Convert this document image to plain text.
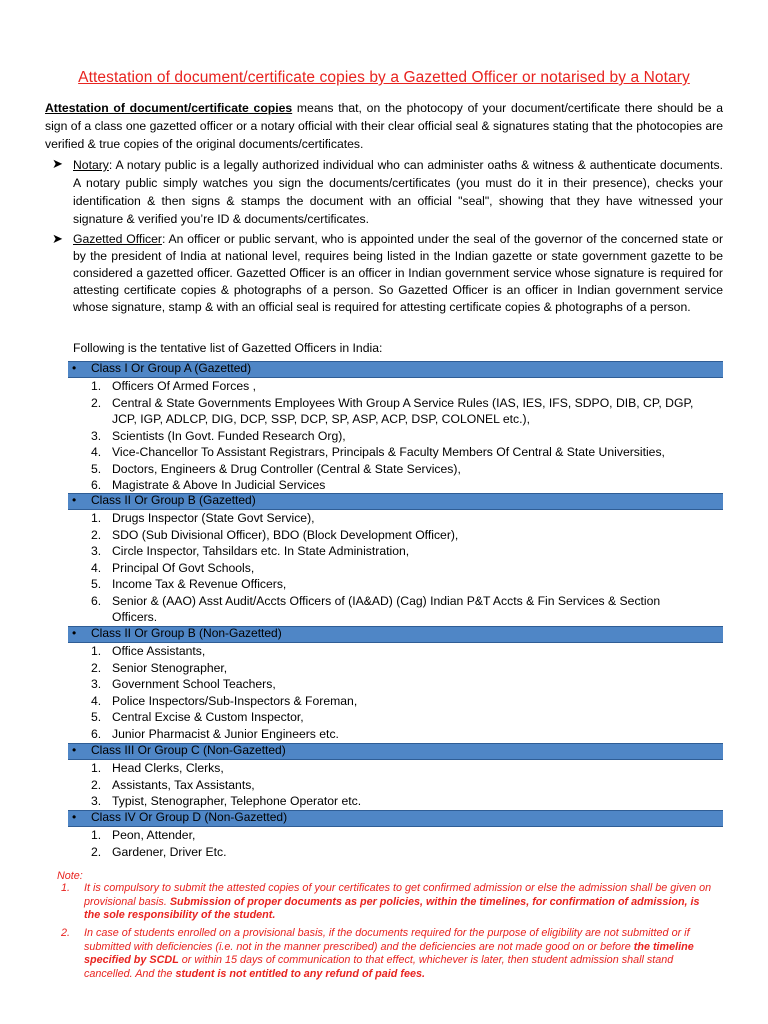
Attestation of document/certificate copies by a Gazetted Officer or notarised by a Notary
Attestation of document/certificate copies means that, on the photocopy of your document/certificate there should be a sign of a class one gazetted officer or a notary official with their clear official seal & signatures stating that the photocopies are verified & true copies of the original documents/certificates.
➤ Notary: A notary public is a legally authorized individual who can administer oaths & witness & authenticate documents. A notary public simply watches you sign the documents/certificates (you must do it in their presence), checks your identification & then signs & stamps the document with an official "seal", showing that they have witnessed your signature & verified you’re ID & documents/certificates.
➤ Gazetted Officer: An officer or public servant, who is appointed under the seal of the governor of the concerned state or by the president of India at national level, requires being listed in the Indian gazette or state government gazette to be considered a gazetted officer. Gazetted Officer is an officer in Indian government service whose signature is required for attesting certificate copies & photographs of a person. So Gazetted Officer is an officer in Indian government service whose signature, stamp & with an official seal is required for attesting certificate copies & photographs of a person.
Following is the tentative list of Gazetted Officers in India:
• Class I Or Group A (Gazetted)
1. Officers Of Armed Forces ,
2. Central & State Governments Employees With Group A Service Rules (IAS, IES, IFS, SDPO, DIB, CP, DGP,
JCP, IGP, ADLCP, DIG, DCP, SSP, DCP, SP, ASP, ACP, DSP, COLONEL etc.),
3. Scientists (In Govt. Funded Research Org),
4. Vice-Chancellor To Assistant Registrars, Principals & Faculty Members Of Central & State Universities,
5. Doctors, Engineers & Drug Controller (Central & State Services),
6. Magistrate & Above In Judicial Services
• Class II Or Group B (Gazetted)
1. Drugs Inspector (State Govt Service),
2. SDO (Sub Divisional Officer), BDO (Block Development Officer),
3. Circle Inspector, Tahsildars etc. In State Administration,
4. Principal Of Govt Schools,
5. Income Tax & Revenue Officers,
6. Senior & (AAO) Asst Audit/Accts Officers of (IA&AD) (Cag) Indian P&T Accts & Fin Services & Section
Officers.
• Class II Or Group B (Non-Gazetted)
1. Office Assistants,
2. Senior Stenographer,
3. Government School Teachers,
4. Police Inspectors/Sub-Inspectors & Foreman,
5. Central Excise & Custom Inspector,
6. Junior Pharmacist & Junior Engineers etc.
• Class III Or Group C (Non-Gazetted)
1. Head Clerks, Clerks,
2. Assistants, Tax Assistants,
3. Typist, Stenographer, Telephone Operator etc.
• Class IV Or Group D (Non-Gazetted)
1. Peon, Attender,
2. Gardener, Driver Etc.
Note:
1. It is compulsory to submit the attested copies of your certificates to get confirmed admission or else the admission shall be given on provisional basis. Submission of proper documents as per policies, within the timelines, for confirmation of admission, is the sole responsibility of the student.
2. In case of students enrolled on a provisional basis, if the documents required for the purpose of eligibility are not submitted or if submitted with deficiencies (i.e. not in the manner prescribed) and the deficiencies are not made good on or before the timeline specified by SCDL or within 15 days of communication to that effect, whichever is later, then student admission shall stand cancelled. And the student is not entitled to any refund of paid fees.
